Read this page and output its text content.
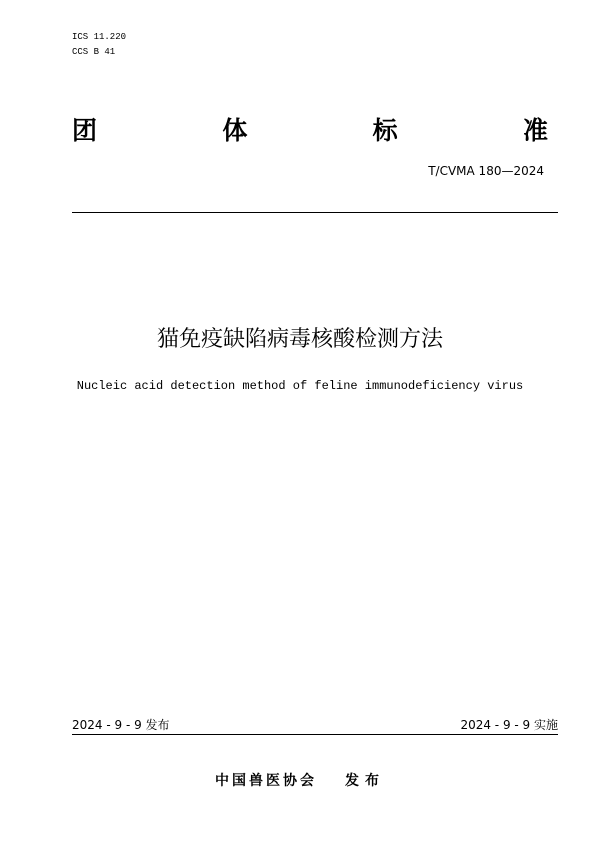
ICS 11.220
CCS B 41
团	体	标	准
T/CVMA 180—2024
猫免疫缺陷病毒核酸检测方法
Nucleic acid detection method of feline immunodeficiency virus
2024 - 9 - 9 发布	2024 - 9 - 9 实施
中国兽医协会 发布
